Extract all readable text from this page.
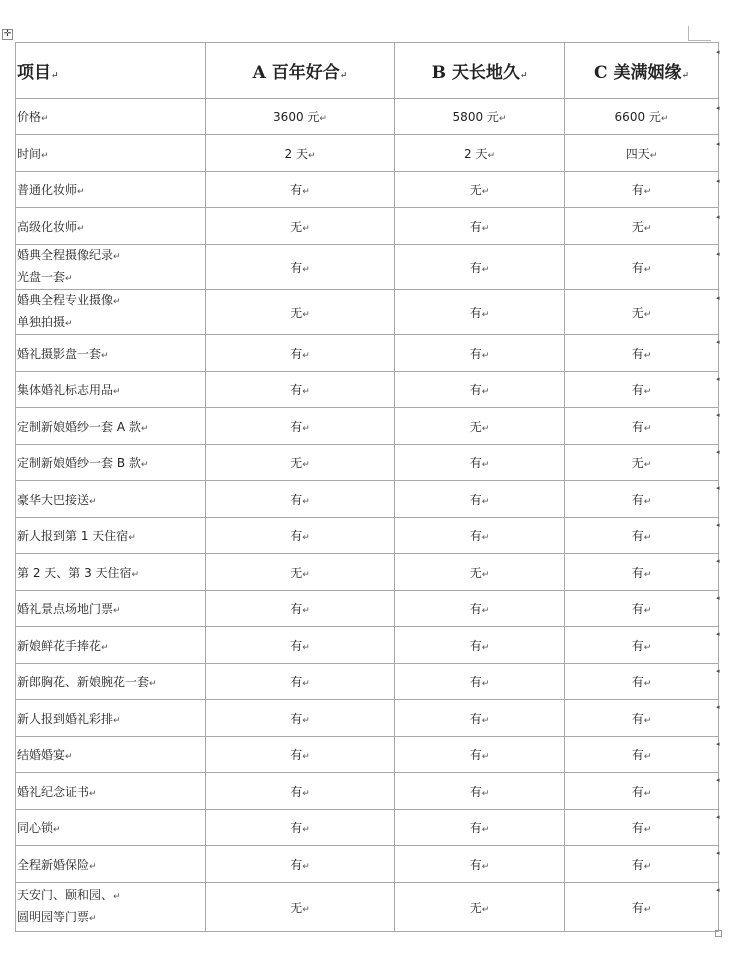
✛
项目↵	A 百年好合↵	B 天长地久↵	C 美满姻缘↵
价格↵	3600 元↵	5800 元↵	6600 元↵
时间↵	2 天↵	2 天↵	四天↵
普通化妆师↵	有↵	无↵	有↵
高级化妆师↵	无↵	有↵	无↵

婚典全程摄像纪录↵
光盘一套↵	有↵	有↵	有↵

婚典全程专业摄像↵
单独拍摄↵	无↵	有↵	无↵
婚礼摄影盘一套↵	有↵	有↵	有↵
集体婚礼标志用品↵	有↵	有↵	有↵
定制新娘婚纱一套 A 款↵	有↵	无↵	有↵
定制新娘婚纱一套 B 款↵	无↵	有↵	无↵
豪华大巴接送↵	有↵	有↵	有↵
新人报到第 1 天住宿↵	有↵	有↵	有↵
第 2 天、第 3 天住宿↵	无↵	无↵	有↵
婚礼景点场地门票↵	有↵	有↵	有↵
新娘鲜花手捧花↵	有↵	有↵	有↵
新郎胸花、新娘腕花一套↵	有↵	有↵	有↵
新人报到婚礼彩排↵	有↵	有↵	有↵
结婚婚宴↵	有↵	有↵	有↵
婚礼纪念证书↵	有↵	有↵	有↵
同心锁↵	有↵	有↵	有↵
全程新婚保险↵	有↵	有↵	有↵

天安门、颐和园、↵
圆明园等门票↵	无↵	无↵	有↵
◂
◂
◂
◂
◂
◂
◂
◂
◂
◂
◂
◂
◂
◂
◂
◂
◂
◂
◂
◂
◂
◂
◂
